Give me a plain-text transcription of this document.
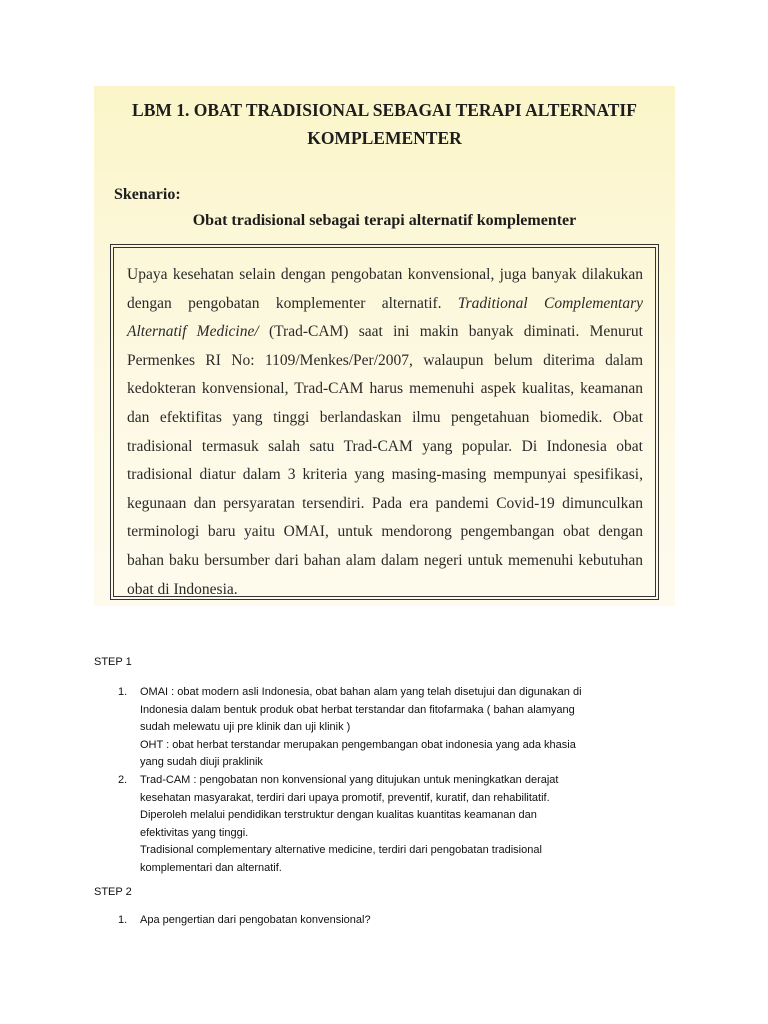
LBM 1. OBAT TRADISIONAL SEBAGAI TERAPI ALTERNATIF
KOMPLEMENTER
Skenario:
Obat tradisional sebagai terapi alternatif komplementer
Upaya kesehatan selain dengan pengobatan konvensional, juga banyak dilakukan dengan pengobatan komplementer alternatif. Traditional Complementary Alternatif Medicine/ (Trad-CAM) saat ini makin banyak diminati. Menurut Permenkes RI No: 1109/Menkes/Per/2007, walaupun belum diterima dalam kedokteran konvensional, Trad-CAM harus memenuhi aspek kualitas, keamanan dan efektifitas yang tinggi berlandaskan ilmu pengetahuan biomedik. Obat tradisional termasuk salah satu Trad-CAM yang popular. Di Indonesia obat tradisional diatur dalam 3 kriteria yang masing-masing mempunyai spesifikasi, kegunaan dan persyaratan tersendiri. Pada era pandemi Covid-19 dimunculkan terminologi baru yaitu OMAI, untuk mendorong pengembangan obat dengan bahan baku bersumber dari bahan alam dalam negeri untuk memenuhi kebutuhan obat di Indonesia.
STEP 1
1. OMAI : obat modern asli Indonesia, obat bahan alam yang telah disetujui dan digunakan di
Indonesia dalam bentuk produk obat herbat terstandar dan fitofarmaka ( bahan alamyang
sudah melewatu uji pre klinik dan uji klinik )
OHT : obat herbat terstandar merupakan pengembangan obat indonesia yang ada khasia
yang sudah diuji praklinik
2. Trad-CAM : pengobatan non konvensional yang ditujukan untuk meningkatkan derajat
kesehatan masyarakat, terdiri dari upaya promotif, preventif, kuratif, dan rehabilitatif.
Diperoleh melalui pendidikan terstruktur dengan kualitas kuantitas keamanan dan
efektivitas yang tinggi.
Tradisional complementary alternative medicine, terdiri dari pengobatan tradisional
komplementari dan alternatif.
STEP 2
1. Apa pengertian dari pengobatan konvensional?
